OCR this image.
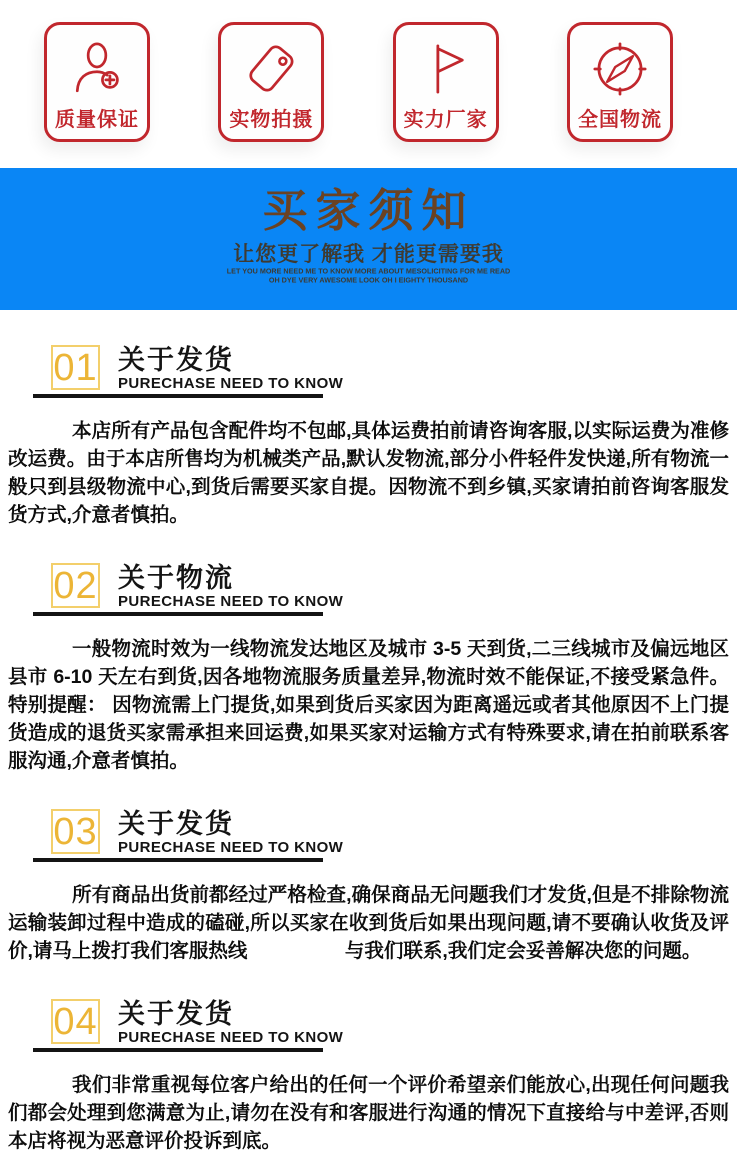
质量保证	实物拍摄	实力厂家	全国物流
买家须知
让您更了解我 才能更需要我
LET YOU MORE NEED ME TO KNOW MORE ABOUT MESOLICITING FOR ME READ
OH DYE VERY AWESOME LOOK OH I EIGHTY THOUSAND
01 关于发货
PURECHASE NEED TO KNOW
本店所有产品包含配件均不包邮,具体运费拍前请咨询客服,以实际运费为准修改运费。由于本店所售均为机械类产品,默认发物流,部分小件轻件发快递,所有物流一般只到县级物流中心,到货后需要买家自提。因物流不到乡镇,买家请拍前咨询客服发货方式,介意者慎拍。
02 关于物流
PURECHASE NEED TO KNOW
一般物流时效为一线物流发达地区及城市 3-5 天到货,二三线城市及偏远地区县市 6-10 天左右到货,因各地物流服务质量差异,物流时效不能保证,不接受紧急件。特别提醒： 因物流需上门提货,如果到货后买家因为距离遥远或者其他原因不上门提货造成的退货买家需承担来回运费,如果买家对运输方式有特殊要求,请在拍前联系客服沟通,介意者慎拍。
03 关于发货
PURECHASE NEED TO KNOW
所有商品出货前都经过严格检查,确保商品无问题我们才发货,但是不排除物流运输装卸过程中造成的磕碰,所以买家在收到货后如果出现问题,请不要确认收货及评价,请马上拨打我们客服热线　　　　　与我们联系,我们定会妥善解决您的问题。
04 关于发货
PURECHASE NEED TO KNOW
我们非常重视每位客户给出的任何一个评价希望亲们能放心,出现任何问题我们都会处理到您满意为止,请勿在没有和客服进行沟通的情况下直接给与中差评,否则本店将视为恶意评价投诉到底。
